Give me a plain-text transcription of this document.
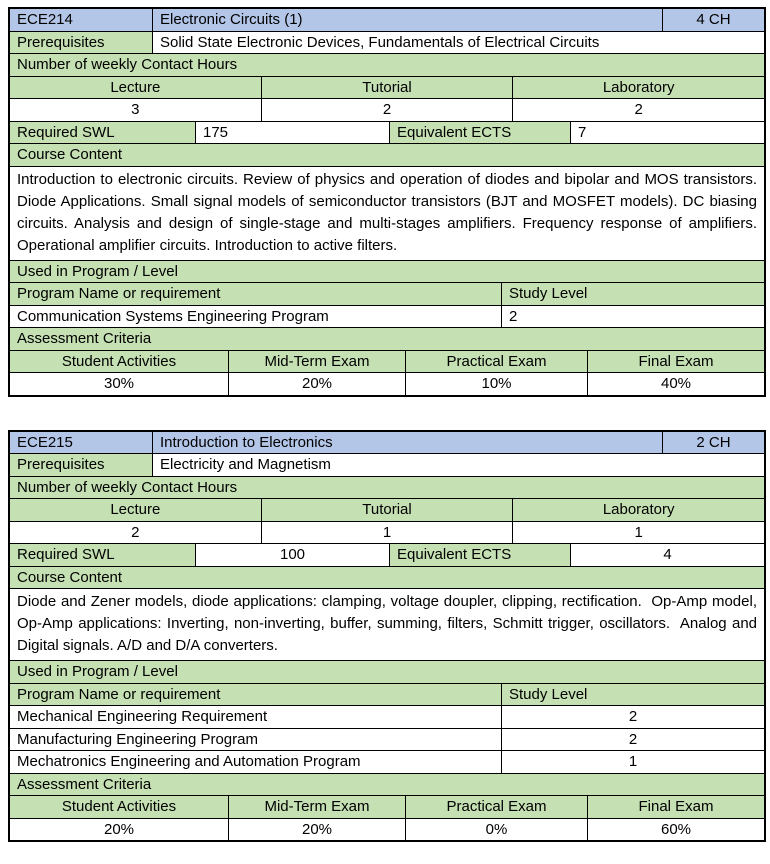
ECE214	Electronic Circuits (1)	4 CH
Prerequisites	Solid State Electronic Devices, Fundamentals of Electrical Circuits
Number of weekly Contact Hours
Lecture	Tutorial	Laboratory
3	2	2
Required SWL	175	Equivalent ECTS	7
Course Content
Introduction to electronic circuits. Review of physics and operation of diodes and bipolar and MOS transistors. Diode Applications. Small signal models of semiconductor transistors (BJT and MOSFET models). DC biasing circuits. Analysis and design of single-stage and multi-stages amplifiers. Frequency response of amplifiers. Operational amplifier circuits. Introduction to active filters.
Used in Program / Level
Program Name or requirement	Study Level
Communication Systems Engineering Program	2
Assessment Criteria
Student Activities	Mid-Term Exam	Practical Exam	Final Exam
30%	20%	10%	40%
ECE215	Introduction to Electronics	2 CH
Prerequisites	Electricity and Magnetism
Number of weekly Contact Hours
Lecture	Tutorial	Laboratory
2	1	1
Required SWL	100	Equivalent ECTS	4
Course Content
Diode and Zener models, diode applications: clamping, voltage doupler, clipping, rectification.  Op-Amp model, Op-Amp applications: Inverting, non-inverting, buffer, summing, filters, Schmitt trigger, oscillators.  Analog and Digital signals. A/D and D/A converters.
Used in Program / Level
Program Name or requirement	Study Level
Mechanical Engineering Requirement	2
Manufacturing Engineering Program	2
Mechatronics Engineering and Automation Program	1
Assessment Criteria
Student Activities	Mid-Term Exam	Practical Exam	Final Exam
20%	20%	0%	60%
